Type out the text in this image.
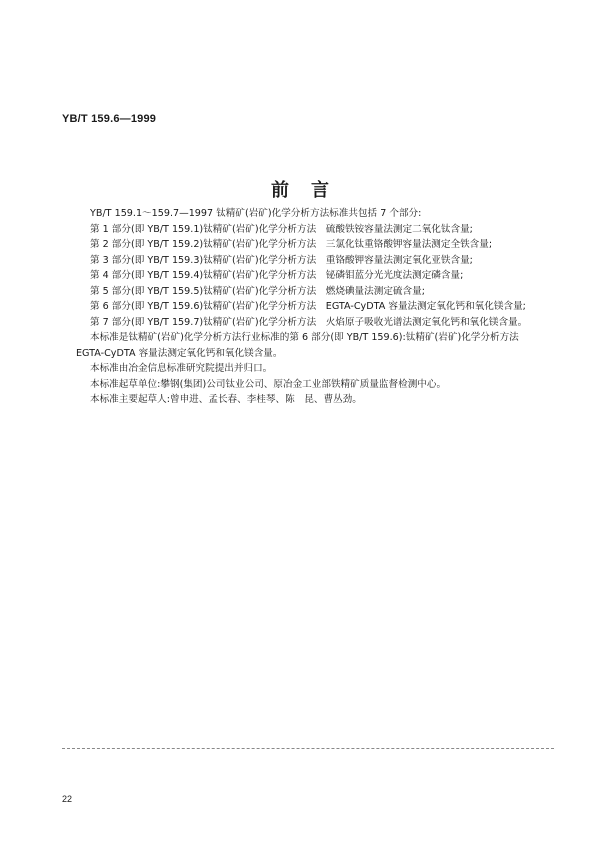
YB/T 159.6—1999
前言

YB/T 159.1～159.7—1997 钛精矿(岩矿)化学分析方法标准共包括 7 个部分:

第 1 部分(即 YB/T 159.1)钛精矿(岩矿)化学分析方法　硫酸铁铵容量法测定二氧化钛含量;

第 2 部分(即 YB/T 159.2)钛精矿(岩矿)化学分析方法　三氯化钛重铬酸钾容量法测定全铁含量;

第 3 部分(即 YB/T 159.3)钛精矿(岩矿)化学分析方法　重铬酸钾容量法测定氧化亚铁含量;

第 4 部分(即 YB/T 159.4)钛精矿(岩矿)化学分析方法　铋磷钼蓝分光光度法测定磷含量;

第 5 部分(即 YB/T 159.5)钛精矿(岩矿)化学分析方法　燃烧碘量法测定硫含量;

第 6 部分(即 YB/T 159.6)钛精矿(岩矿)化学分析方法　EGTA-CyDTA 容量法测定氧化钙和氧化镁含量;

第 7 部分(即 YB/T 159.7)钛精矿(岩矿)化学分析方法　火焰原子吸收光谱法测定氧化钙和氧化镁含量。

本标准是钛精矿(岩矿)化学分析方法行业标准的第 6 部分(即 YB/T 159.6):钛精矿(岩矿)化学分析方法　EGTA-CyDTA 容量法测定氧化钙和氧化镁含量。

本标准由冶金信息标准研究院提出并归口。

本标准起草单位:攀钢(集团)公司钛业公司、原冶金工业部铁精矿质量监督检测中心。

本标准主要起草人:曾申进、孟长春、李桂琴、陈　昆、曹丛劲。

22
